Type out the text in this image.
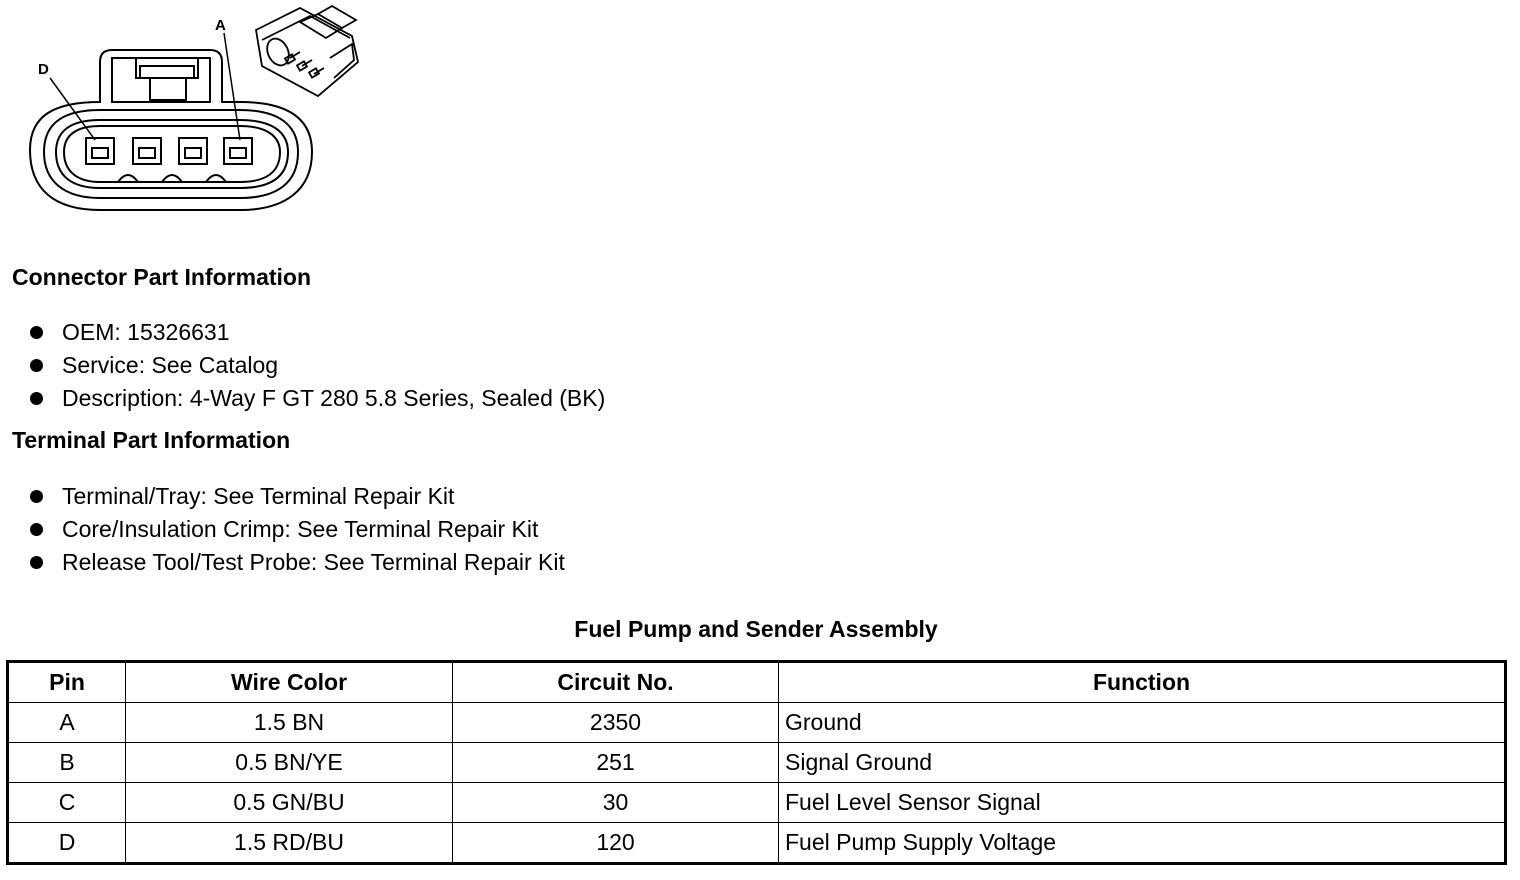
A
D
Connector Part Information
OEM: 15326631
Service: See Catalog
Description: 4-Way F GT 280 5.8 Series, Sealed (BK)
Terminal Part Information
Terminal/Tray: See Terminal Repair Kit
Core/Insulation Crimp: See Terminal Repair Kit
Release Tool/Test Probe: See Terminal Repair Kit
Fuel Pump and Sender Assembly
Pin	Wire Color	Circuit No.	Function
A	1.5 BN	2350	Ground
B	0.5 BN/YE	251	Signal Ground
C	0.5 GN/BU	30	Fuel Level Sensor Signal
D	1.5 RD/BU	120	Fuel Pump Supply Voltage
